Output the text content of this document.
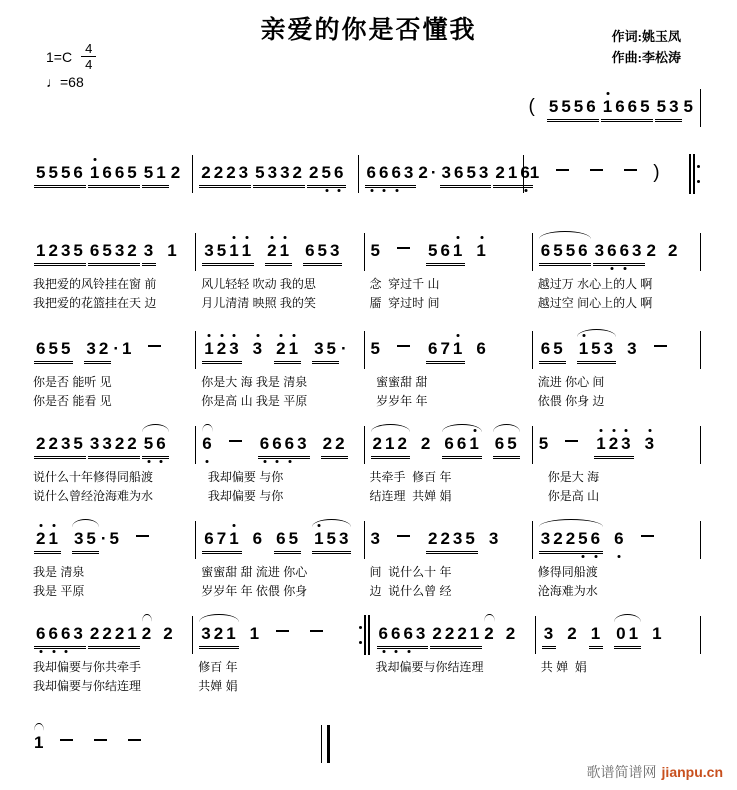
亲爱的你是否懂我	作词:姚玉凤
作曲:李松涛
$1=C \frac{4}{4}$
♩=68
( 5 5 5 6 1 6 6 5 5 3 5
5 5 5 6 1 6 6 5 5 1 2	2 2 2 3 5 3 3 2 2 5 6	6 6 6 3 2 · 3 6 5 3 2 1 6
1	)
1 2 3 5 6 5 3 2 3 1
我把爱的风铃挂在窗 前
我把爱的花篮挂在天 边
3 5 1 1 2 1 6 5 3
风儿轻轻 吹动 我的思
月儿清清 映照 我的笑
5	5 6 1 1
念  穿过千 山
靥  穿过时 间
6 5 5 6 3 6 6 3 2 2
越过万 水心上的人 啊
越过空 间心上的人 啊
6 5 5 3 2 · 1
你是否 能听 见
你是否 能看 见
1 2 3 3 2 1 3 5 ·
你是大 海 我是 清泉
你是高 山 我是 平原
5	6 7 1 6
蜜蜜甜 甜
岁岁年 年
6 5 1 5 3 3
流进 你心 间
依偎 你身 边
2 2 3 5 3 3 2 2 5 6
说什么十年修得同船渡
说什么曾经沧海难为水
6	6 6 6 3 2 2
我却偏要 与你
我却偏要 与你
2 1 2 2 6 6 1 6 5
共牵手  修百 年
结连理  共婵 娟
5	1 2 3 3
你是大 海
你是高 山
2 1 3 5 · 5
我是 清泉
我是 平原
6 7 1 6 6 5 1 5 3
蜜蜜甜 甜 流进 你心
岁岁年 年 依偎 你身
3	2 2 3 5 3
间  说什么十 年
边  说什么曾 经
3 2 2 5 6 6
修得同船渡
沧海难为水
6 6 6 3 2 2 2 1 2 2
我却偏要与你共牵手
我却偏要与你结连理
3 2 1 1
修百 年
共婵 娟
6 6 6 3 2 2 2 1 2 2
我却偏要与你结连理
3 2 1 0 1 1
共 婵  娟
1
歌谱简谱网 jianpu.cn
